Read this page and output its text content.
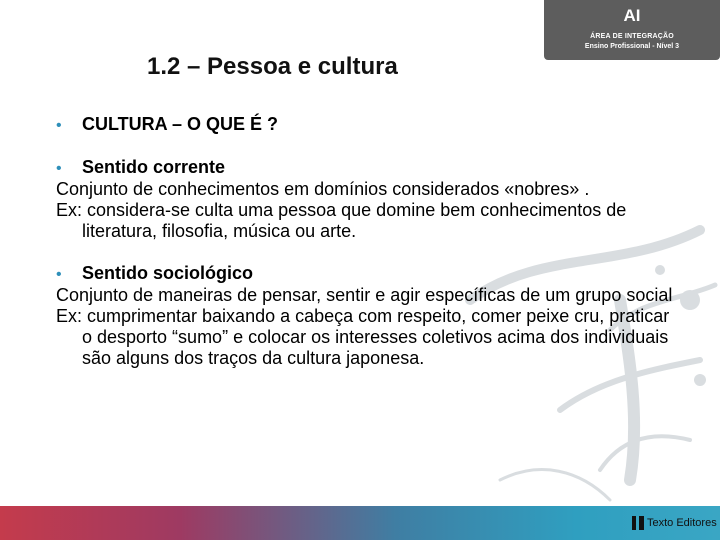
AI
ÁREA DE INTEGRAÇÃO
Ensino Profissional - Nível 3
1.2 – Pessoa e cultura
•	CULTURA – O QUE É ?
•	Sentido corrente
Conjunto de conhecimentos em domínios considerados «nobres» .
Ex: considera-se culta uma pessoa que domine bem conhecimentos de literatura, filosofia, música ou arte.
•	Sentido sociológico
Conjunto de maneiras de pensar, sentir e agir específicas de um grupo social
Ex: cumprimentar baixando a cabeça com respeito, comer peixe cru, praticar o desporto “sumo” e colocar os interesses coletivos acima dos individuais são alguns dos traços da cultura japonesa.
Texto Editores
